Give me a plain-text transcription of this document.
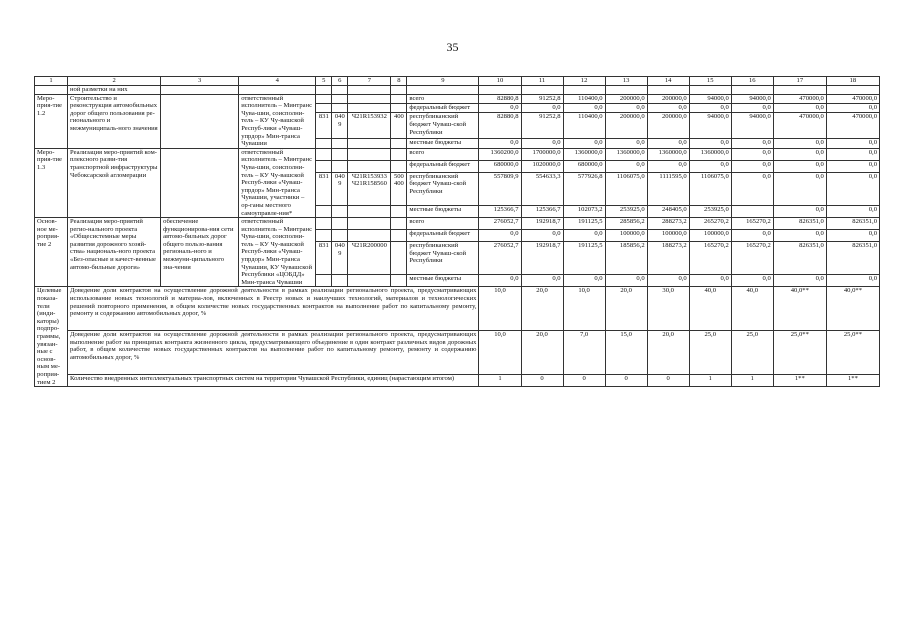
35
1	2	3	4	5	6	7	8	9	10	11	12	13	14	15	16	17	18
	ной разметки на них																
Меро-прия-тие 1.2	Строительство и реконструкция автомобильных дорог общего пользования ре-гионального и межмуниципаль-ного значения		ответственный исполнитель – Минтранс Чува-шии, соисполни-тель – КУ Чу-вашской Респуб-лики «Чуваш-упрдор» Мин-транса Чувашии					всего	82880,8	91252,8	110400,0	200000,0	200000,0	94000,0	94000,0	470000,0	470000,0
								федеральный бюджет	0,0	0,0	0,0	0,0	0,0	0,0	0,0	0,0	0,0
				831	0409	Ч21R153932	400	республиканский бюджет Чуваш-ской Республики	82880,8	91252,8	110400,0	200000,0	200000,0	94000,0	94000,0	470000,0	470000,0
								местные бюджеты	0,0	0,0	0,0	0,0	0,0	0,0	0,0	0,0	0,0
Меро-прия-тие 1.3	Реализация меро-приятий ком-плексного разви-тия транспортной инфраструктуры Чебоксарской агломерации		ответственный исполнитель – Минтранс Чува-шии, соисполни-тель – КУ Чу-вашской Респуб-лики «Чуваш-упрдор» Мин-транса Чувашии, участники – ор-ганы местного самоуправле-ния*					всего	1360200,0	1700000,0	1360000,0	1360000,0	1360000,0	1360000,0	0,0	0,0	0,0
								федеральный бюджет	680000,0	1020000,0	680000,0	0,0	0,0	0,0	0,0	0,0	0,0
				831	0409	Ч21R153933 Ч21R158560	500 400	республиканский бюджет Чуваш-ской Республики	557809,9	554633,3	577926,8	1106075,0	1111595,0	1106075,0	0,0	0,0	0,0
								местные бюджеты	125366,7	125366,7	102073,2	253925,0	248405,0	253925,0		0,0	0,0
Основ-ное ме-роприя-тие 2	Реализация меро-приятий регио-нального проекта «Общесистемные меры развития дорожного хозяй-ства» националь-ного проекта «Без-опасные и качест-венные автомо-бильные дороги»	обеспечение функционирова-ния сети автомо-бильных дорог общего пользо-вания региональ-ного и межмуни-ципального зна-чения	ответственный исполнитель – Минтранс Чува-шии, соисполни-тель – КУ Чу-вашской Респуб-лики «Чуваш-упрдор» Мин-транса Чувашии, КУ Чувашской Республики «ЦОБДД» Мин-транса Чувашии					всего	276052,7	192918,7	191125,5	285856,2	288273,2	265270,2	165270,2	826351,0	826351,0
								федеральный бюджет	0,0	0,0	0,0	100000,0	100000,0	100000,0	0,0	0,0	0,0
				831	0409	Ч21R200000		республиканский бюджет Чуваш-ской Республики	276052,7	192918,7	191125,5	185856,2	188273,2	165270,2	165270,2	826351,0	826351,0
								местные бюджеты	0,0	0,0	0,0	0,0	0,0	0,0	0,0	0,0	0,0
Целевые показа-тели (инди-каторы) подпро-граммы, увязан-ные с основ-ным ме-роприя-тием 2	Доведение доли контрактов на осуществление дорожной деятельности в рамках реализации регионального проекта, предусматривающих использование новых технологий и материа-лов, включенных в Реестр новых и наилучших технологий, материалов и технологических решений повторного применения, в общем количестве новых государственных контрактов на выполнение работ по капитальному ремонту, ремонту и содержанию автомобильных дорог, %								10,0	20,0	10,0	20,0	30,0	40,0	40,0	40,0**	40,0**
	Доведение доли контрактов на осуществление дорожной деятельности в рамках реализации регионального проекта, предусматривающих выполнение работ на принципах контракта жизненного цикла, предусматривающего объединение в один контракт различных видов дорожных работ, в общем количестве новых государственных контрактов на выполнение работ по капитальному ремонту, ремонту и содержанию автомобильных дорог, %								10,0	20,0	7,0	15,0	20,0	25,0	25,0	25,0**	25,0**
	Количество внедренных интеллектуальных транспортных систем на территории Чувашской Республики, единиц (нарастающим итогом)								1	0	0	0	0	1	1	1**	1**
